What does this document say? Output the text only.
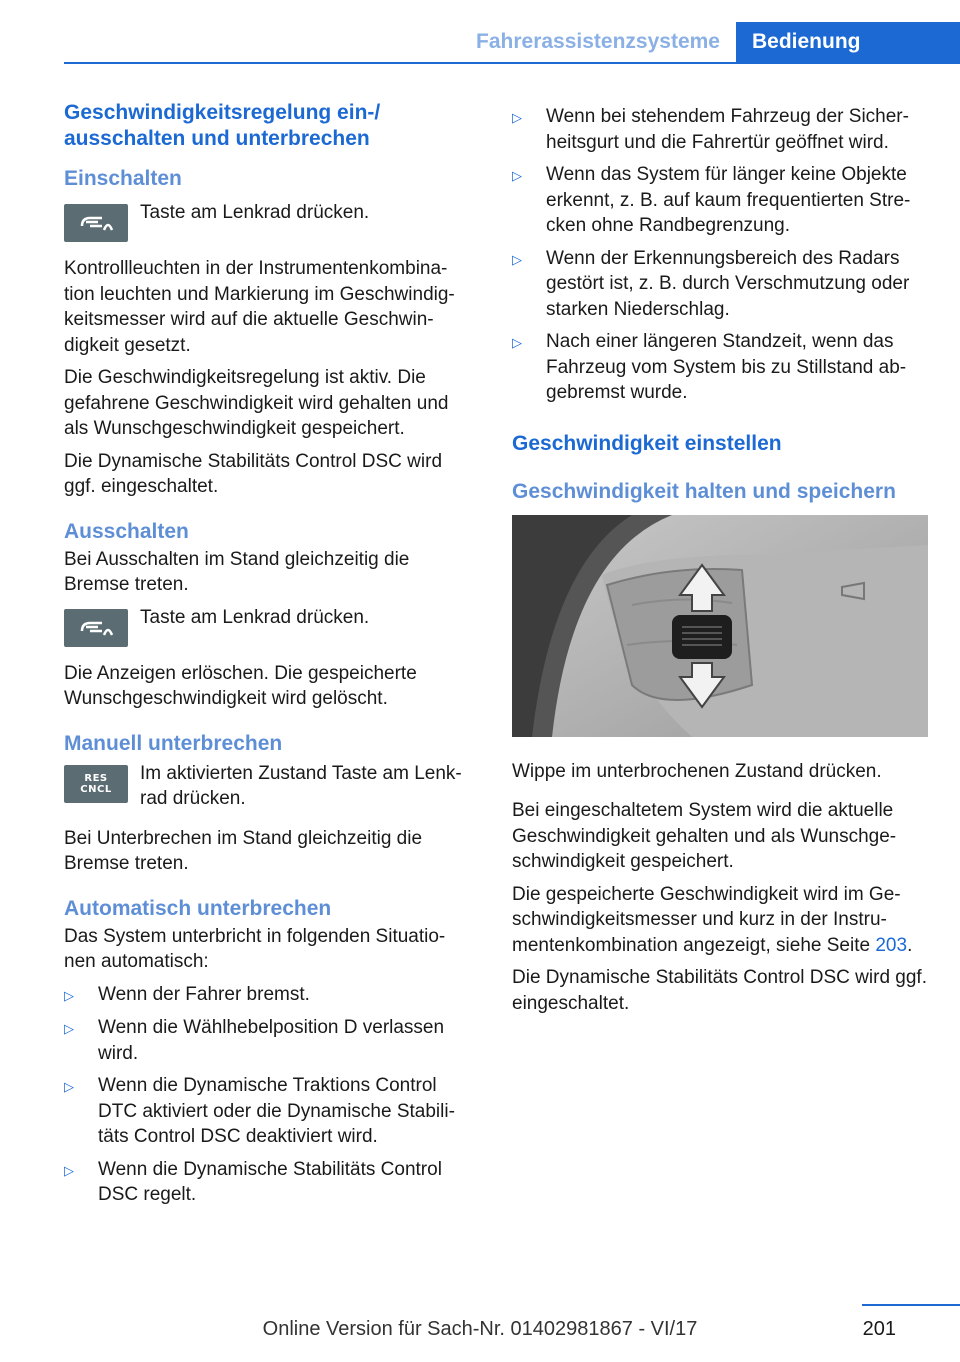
Fahrerassistenzsysteme	Bedienung
Geschwindigkeitsregelung ein-/ ausschalten und unterbrechen
Einschalten
Taste am Lenkrad drücken.

Kontrollleuchten in der Instrumentenkombina-tion leuchten und Markierung im Geschwindig-keitsmesser wird auf die aktuelle Geschwin-digkeit gesetzt.

Die Geschwindigkeitsregelung ist aktiv. Die gefahrene Geschwindigkeit wird gehalten und als Wunschgeschwindigkeit gespeichert.

Die Dynamische Stabilitäts Control DSC wird ggf. eingeschaltet.

Ausschalten

Bei Ausschalten im Stand gleichzeitig die Bremse treten.

Taste am Lenkrad drücken.

Die Anzeigen erlöschen. Die gespeicherte Wunschgeschwindigkeit wird gelöscht.

Manuell unterbrechen
RES
CNCL
Im aktivierten Zustand Taste am Lenk-rad drücken.

Bei Unterbrechen im Stand gleichzeitig die Bremse treten.

Automatisch unterbrechen

Das System unterbricht in folgenden Situatio-nen automatisch:

▷	Wenn der Fahrer bremst.
▷	Wenn die Wählhebelposition D verlassen wird.
▷	Wenn die Dynamische Traktions Control DTC aktiviert oder die Dynamische Stabili-täts Control DSC deaktiviert wird.
▷	Wenn die Dynamische Stabilitäts Control DSC regelt.
▷	Wenn bei stehendem Fahrzeug der Sicher-heitsgurt und die Fahrertür geöffnet wird.
▷	Wenn das System für länger keine Objekte erkennt, z. B. auf kaum frequentierten Stre-cken ohne Randbegrenzung.
▷	Wenn der Erkennungsbereich des Radars gestört ist, z. B. durch Verschmutzung oder starken Niederschlag.
▷	Nach einer längeren Standzeit, wenn das Fahrzeug vom System bis zu Stillstand ab-gebremst wurde.
Geschwindigkeit einstellen
Geschwindigkeit halten und speichern

Wippe im unterbrochenen Zustand drücken.

Bei eingeschaltetem System wird die aktuelle Geschwindigkeit gehalten und als Wunschge-schwindigkeit gespeichert.

Die gespeicherte Geschwindigkeit wird im Ge-schwindigkeitsmesser und kurz in der Instru-mentenkombination angezeigt, siehe Seite 203.

Die Dynamische Stabilitäts Control DSC wird ggf. eingeschaltet.

201
Online Version für Sach-Nr. 01402981867 - VI/17
